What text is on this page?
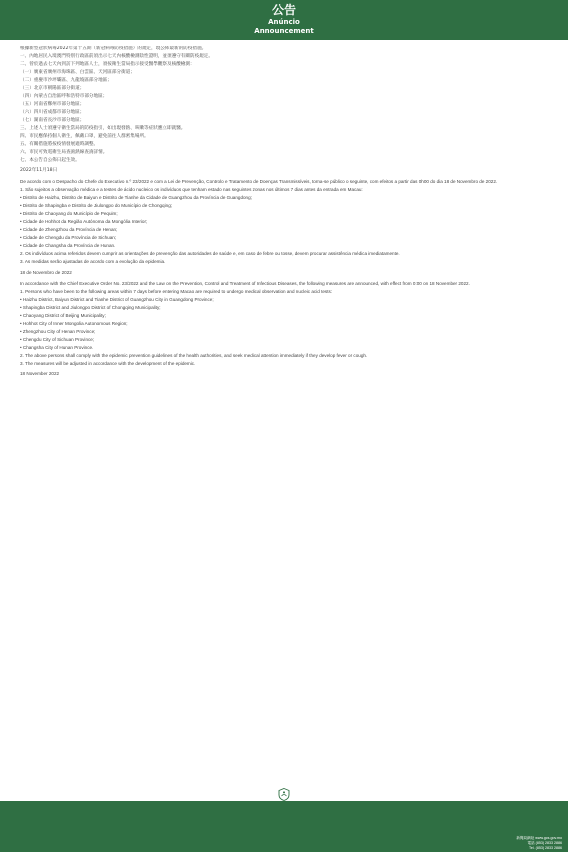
公告
Anúncio
Announcement

根據新型冠狀病毒2022年第十五期（新冠病毒防疫措施）的規定，現公佈最新的防疫措施。

一、內地居民入境澳門特別行政區前須出示七天內核酸檢測陰性證明，並須遵守有關防疫規定。

二、曾於過去七天內到訪下列地區人士，須按衛生當局指示接受醫學觀察及核酸檢測：

（一）廣東省廣州市海珠區、白雲區、天河區部分街道；

（二）重慶市沙坪壩區、九龍坡區部分地區；

（三）北京市朝陽區部分街道；

（四）內蒙古自治區呼和浩特市部分地區；

（五）河南省鄭州市部分地區；

（六）四川省成都市部分地區；

（七）湖南省長沙市部分地區；

三、上述人士須遵守衛生當局的防疫指引，如出現發熱、咳嗽等症狀應立即就醫。

四、市民應保持個人衛生，佩戴口罩，避免前往人群密集場所。

五、有關措施將按疫情發展適時調整。

六、市民可致電衛生局查詢熱線查詢詳情。

七、本公告自公佈日起生效。

2022年11月18日

De acordo com o Despacho do Chefe do Executivo n.º 23/2022 e com a Lei de Prevenção, Controlo e Tratamento de Doenças Transmissíveis, torna-se público o seguinte, com efeitos a partir das 0h00 do dia 18 de Novembro de 2022.

1. São sujeitos a observação médica e a testes de ácido nucleico os indivíduos que tenham estado nas seguintes zonas nos últimos 7 dias antes da entrada em Macau:

• Distrito de Haizhu, Distrito de Baiyun e Distrito de Tianhe da Cidade de Guangzhou da Província de Guangdong;

• Distrito de Shapingba e Distrito de Jiulongpo do Município de Chongqing;

• Distrito de Chaoyang do Município de Pequim;

• Cidade de Hohhot da Região Autónoma da Mongólia Interior;

• Cidade de Zhengzhou da Província de Henan;

• Cidade de Chengdu da Província de Sichuan;

• Cidade de Changsha da Província de Hunan.

2. Os indivíduos acima referidos devem cumprir as orientações de prevenção das autoridades de saúde e, em caso de febre ou tosse, devem procurar assistência médica imediatamente.

3. As medidas serão ajustadas de acordo com a evolução da epidemia.

18 de Novembro de 2022

In accordance with the Chief Executive Order No. 23/2022 and the Law on the Prevention, Control and Treatment of Infectious Diseases, the following measures are announced, with effect from 0:00 on 18 November 2022.

1. Persons who have been to the following areas within 7 days before entering Macao are required to undergo medical observation and nucleic acid tests:

• Haizhu District, Baiyun District and Tianhe District of Guangzhou City in Guangdong Province;

• Shapingba District and Jiulongpo District of Chongqing Municipality;

• Chaoyang District of Beijing Municipality;

• Hohhot City of Inner Mongolia Autonomous Region;

• Zhengzhou City of Henan Province;

• Chengdu City of Sichuan Province;

• Changsha City of Hunan Province.

2. The above persons shall comply with the epidemic prevention guidelines of the health authorities, and seek medical attention immediately if they develop fever or cough.

3. The measures will be adjusted in accordance with the development of the epidemic.

18 November 2022

新聞局網址 www.gcs.gov.mo
電話 (853) 2833 2886
Tel. (853) 2833 2886
